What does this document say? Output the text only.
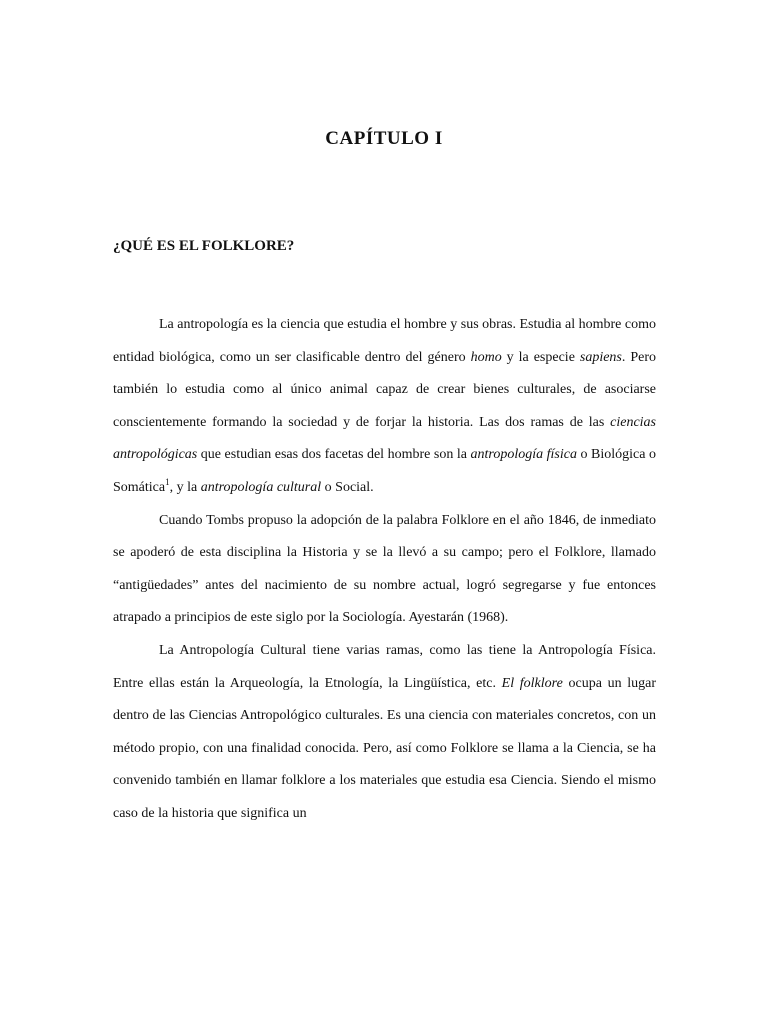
CAPÍTULO I
¿QUÉ ES EL FOLKLORE?

La antropología es la ciencia que estudia el hombre y sus obras. Estudia al hombre como entidad biológica, como un ser clasificable dentro del género homo y la especie sapiens. Pero también lo estudia como al único animal capaz de crear bienes culturales, de asociarse conscientemente formando la sociedad y de forjar la historia. Las dos ramas de las ciencias antropológicas que estudian esas dos facetas del hombre son la antropología física o Biológica o Somática$^1$, y la antropología cultural o Social.

Cuando Tombs propuso la adopción de la palabra Folklore en el año 1846, de inmediato se apoderó de esta disciplina la Historia y se la llevó a su campo; pero el Folklore, llamado “antigüedades” antes del nacimiento de su nombre actual, logró segregarse y fue entonces atrapado a principios de este siglo por la Sociología. Ayestarán (1968).

La Antropología Cultural tiene varias ramas, como las tiene la Antropología Física. Entre ellas están la Arqueología, la Etnología, la Lingüística, etc. El folklore ocupa un lugar dentro de las Ciencias Antropológico culturales. Es una ciencia con materiales concretos, con un método propio, con una finalidad conocida. Pero, así como Folklore se llama a la Ciencia, se ha convenido también en llamar folklore a los materiales que estudia esa Ciencia. Siendo el mismo caso de la historia que significa un
